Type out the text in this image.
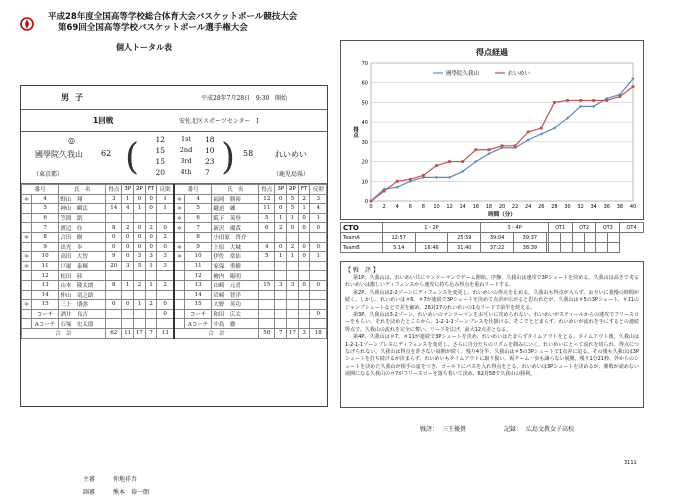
平成28年度全国高等学校総合体育大会バスケットボール競技大会
第69回全国高等学校バスケットボール選手権大会
個人トータル表
男子	平成28年7月28日 9:30 開始
1回戦	安佐北区スポーツセンター Ⅰ
◎
國學院久我山
（東京都）
62 (	12	1st	18
15	2nd	10
15	3rd	23
20	4th	7 ) 58	れいめい
（鹿児島県）
番号		氏　名	得点	3P	2P	FT	反則	番号		氏　名	得点	3P	2P	FT	反則
＊	4	野山　翔	3	1	0	0	1	＊	4	福岡　勝裕	12	0	5	2	3
	5	神山　瞬汰	14	4	1	0	1	＊	5	鍵迫　練	11	0	5	1	4
	6	笠間　凱						＊	6	阪下　英登	5	1	1	0	1
	7	渡辺　伶	8	2	0	2	0	＊	7	新沢　優哉	6	2	0	0	0
＊	8	合田　樹	0	0	0	0	2		8	小田原　啓介					
	9	出光　歩	0	0	0	0	0	＊	9	上原　大城	4	0	2	0	0
＊	10	高田　大智	9	0	3	3	3	＊	10	伊佐　常佑	5	1	1	0	1
＊	11	戸堀　泰輝	20	3	5	1	3		11	家保　勇樹					
	12	松田　陸							12	檜内　陽明					
	13	山本　隆太朗	8	1	2	1	2		13	山崎　元喜	15	3	3	0	0
	14	仲山　竜之助							14	岩崎　智洋					
＊	15	三上　朋弥	0	0	1	2	0		15	大野　英功					
	コーチ	酒井　良吉					0		コーチ	和田　広太					0
	Aコーチ	石塚　宏太郎							Aコーチ	中島　徹					
合　計			62	11	17	7	13	合　計			58	7	17	3	18
主審	仲地祥吾
副審	熊本　裕一朗
得点経過
0
10
20
30
40
50
60
70
0 2 4 6 8 10 12 14 16 18 20 22 24 26 28 30 32 34 36 38 40
時間（分）
得点
國學院久我山	れいめい
CTO	1・2P			3・4P			OT1		OT2		OT3		OT4
TeamA	12:57		25:59	39:04	39:37								
TeamB	5:14	16:46	31:40	37:22	38:39								
【 戦　評 】

第1P、久我山は、れいめい共にマンツーマンでゲーム開始。序盤、久我山は速攻で3Pシュートを決める。久我山は高さで劣るれいめいは激しいディフェンスから速攻に持ち込み得点を重ねリードする。

第2P、久我山は2-2ゾーンにディフェンスを変更し、れいめいの得点を止める。久我山も得点が入らず、お互いに我慢の時間が続く。しかし、れいめいは＃6、＃7が連続で3Pシュートを決めて点差が広がると思われたが、久我山は＃5の3Pシュート、＃11のジャンプシュートなどで差を縮め、28対27のれいめいの1点リードで前半を終える。

第3P、久我山は3-2ゾーン、れいめいのマンツーマンをお互いに攻められない。れいめいがスティールからの速攻でフリースローをもらい、それを決めたところから、1-2-1-1ゾーンプレスを仕掛ける。そこでとどまらず、れいめいが流れを手にするとの連続得点で、久我山の流れを完全に奪い、リードを広げ、最大12点差となる。

第4P、久我山は＃7、＃11が連続で3Pシュートを決め、れいめいはたまらずタイムアウトをとる。タイムアウト後、久我山は1-2-1-1ゾーンプレスにディフェンスを変更し、さらに自分たちのリズムを掴みにいく。れいめいにとって流れを切られ、得点につなげられない。久我山は得点を許さない展開が続く。残り4分半、久我山は＃5の3Pシュートで1点差に迫る。その後も久我山は3Pシュートを打ち続けるが決まらず、れいめいもタイムアウトに取り扱い、両チーム一歩も譲らない展開。残り1分21秒、外からのシュートを決めた久我山が相手の虚をつき、ゴール下にパスを入れ得点をとる。れいめいは3Pシュートを決めるが、勝敗が読めない展開になる久我山の＃7がフリースローを落ち着いて決め、62対58で久我山の勝利。

戦評： 三王優貴	記録： 広島文教女子高校
3111
